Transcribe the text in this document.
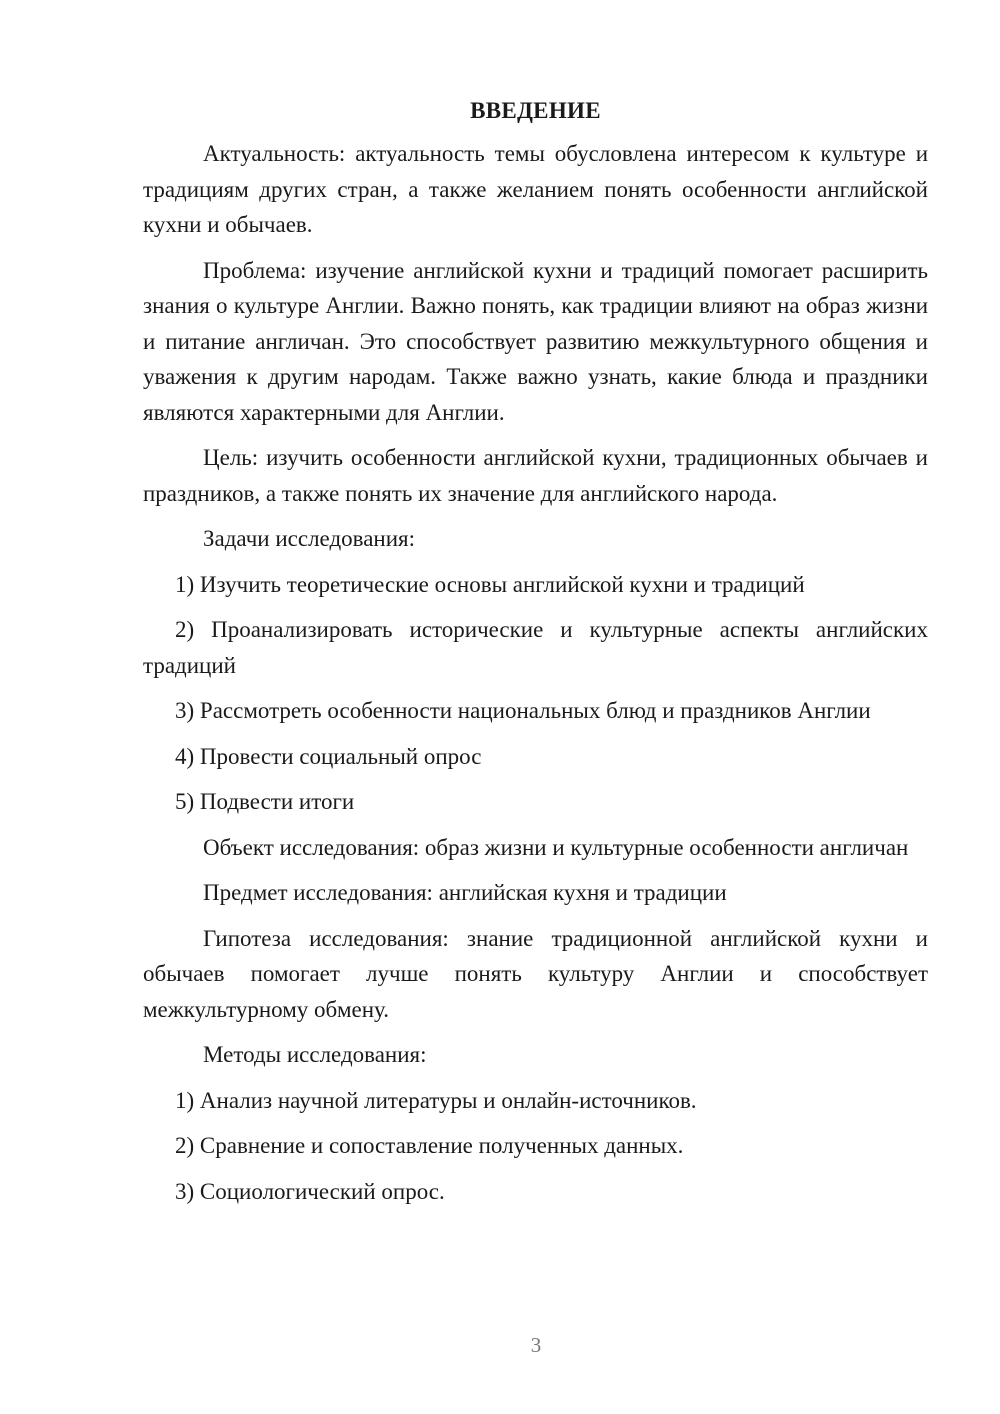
ВВЕДЕНИЕ

Актуальность: актуальность темы обусловлена интересом к культуре и традициям других стран, а также желанием понять особенности английской кухни и обычаев.

Проблема: изучение английской кухни и традиций помогает расширить знания о культуре Англии. Важно понять, как традиции влияют на образ жизни и питание англичан. Это способствует развитию межкультурного общения и уважения к другим народам. Также важно узнать, какие блюда и праздники являются характерными для Англии.

Цель: изучить особенности английской кухни, традиционных обычаев и праздников, а также понять их значение для английского народа.

Задачи исследования:

1) Изучить теоретические основы английской кухни и традиций

2) Проанализировать исторические и культурные аспекты английских традиций

3) Рассмотреть особенности национальных блюд и праздников Англии

4) Провести социальный опрос

5) Подвести итоги

Объект исследования: образ жизни и культурные особенности англичан

Предмет исследования: английская кухня и традиции

Гипотеза исследования: знание традиционной английской кухни и обычаев помогает лучше понять культуру Англии и способствует межкультурному обмену.

Методы исследования:

1) Анализ научной литературы и онлайн-источников.

2) Сравнение и сопоставление полученных данных.

3) Социологический опрос.

3
